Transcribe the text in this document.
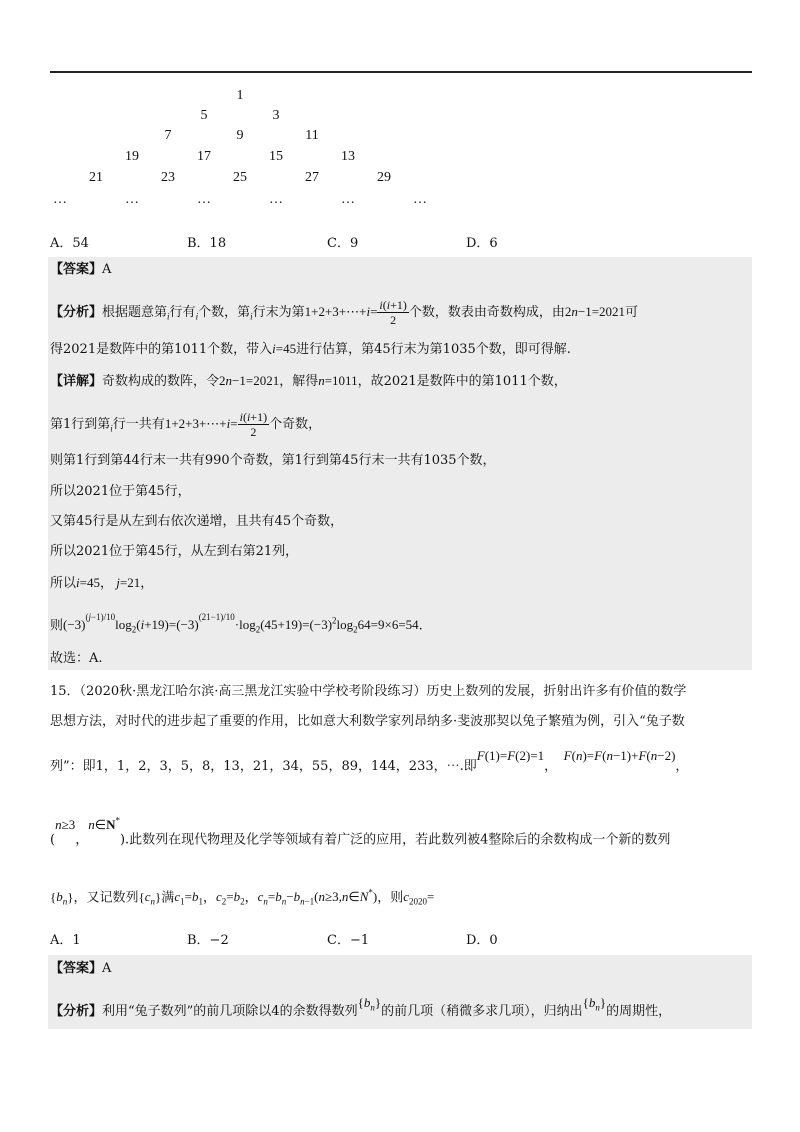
1
5	3
7	9	11
19	17	15	13
21	23	25	27	29
…	…	…	…	…	…
A．54	B．18	C．9	D．6
【答案】A
【分析】根据题意第$_i$行有$_i$个数，第$_i$行末为第1+2+3+⋯+i= $\frac{i(i+1)}{2}$ 个数，数表由奇数构成，由2n−1=2021可
得2021是数阵中的第1011个数，带入i=45进行估算，第45行末为第1035个数，即可得解.
【详解】奇数构成的数阵，令2n−1=2021，解得n=1011，故2021是数阵中的第1011个数，
第1行到第$_i$行一共有1+2+3+⋯+i= $\frac{i(i+1)}{2}$ 个奇数，
则第1行到第44行末一共有990个奇数，第1行到第45行末一共有1035个数，
所以2021位于第45行，
又第45行是从左到右依次递增，且共有45个奇数，
所以2021位于第45行，从左到右第21列，
所以i=45， j=21，
则$(-3)^{^{(j-1)/10}}\log_2(i+19)=(-3)^{^{(21-1)/10}}\cdot\log_2(45+19)=(-3)^2\log_264=9\times 6=54$.
故选：A.
15．（2020秋·黑龙江哈尔滨·高三黑龙江实验中学校考阶段练习）历史上数列的发展，折射出许多有价值的数学
思想方法，对时代的进步起了重要的作用，比如意大利数学家列昂纳多·斐波那契以兔子繁殖为例，引入“兔子数
列”：即1，1，2，3，5，8，13，21，34，55，89，144，233，⋯.即F(1)=F(2)=1，  F(n)=F(n−1)+F(n−2)，
(n≥3，n∈N*).此数列在现代物理及化学等领域有着广泛的应用，若此数列被4整除后的余数构成一个新的数列
$\{b_n\}$，又记数列$\{c_n\}$满$c_1=b_1$，$c_2=b_2$，$c_n=b_n-b_{n-1}(n\ge 3,n\in N^*)$，则$c_{2020}=$
A．1	B．−2	C．−1	D．0
【答案】A
【分析】利用“兔子数列”的前几项除以4的余数得数列$\{b_n\}$的前几项（稍微多求几项），归纳出$\{b_n\}$的周期性，
